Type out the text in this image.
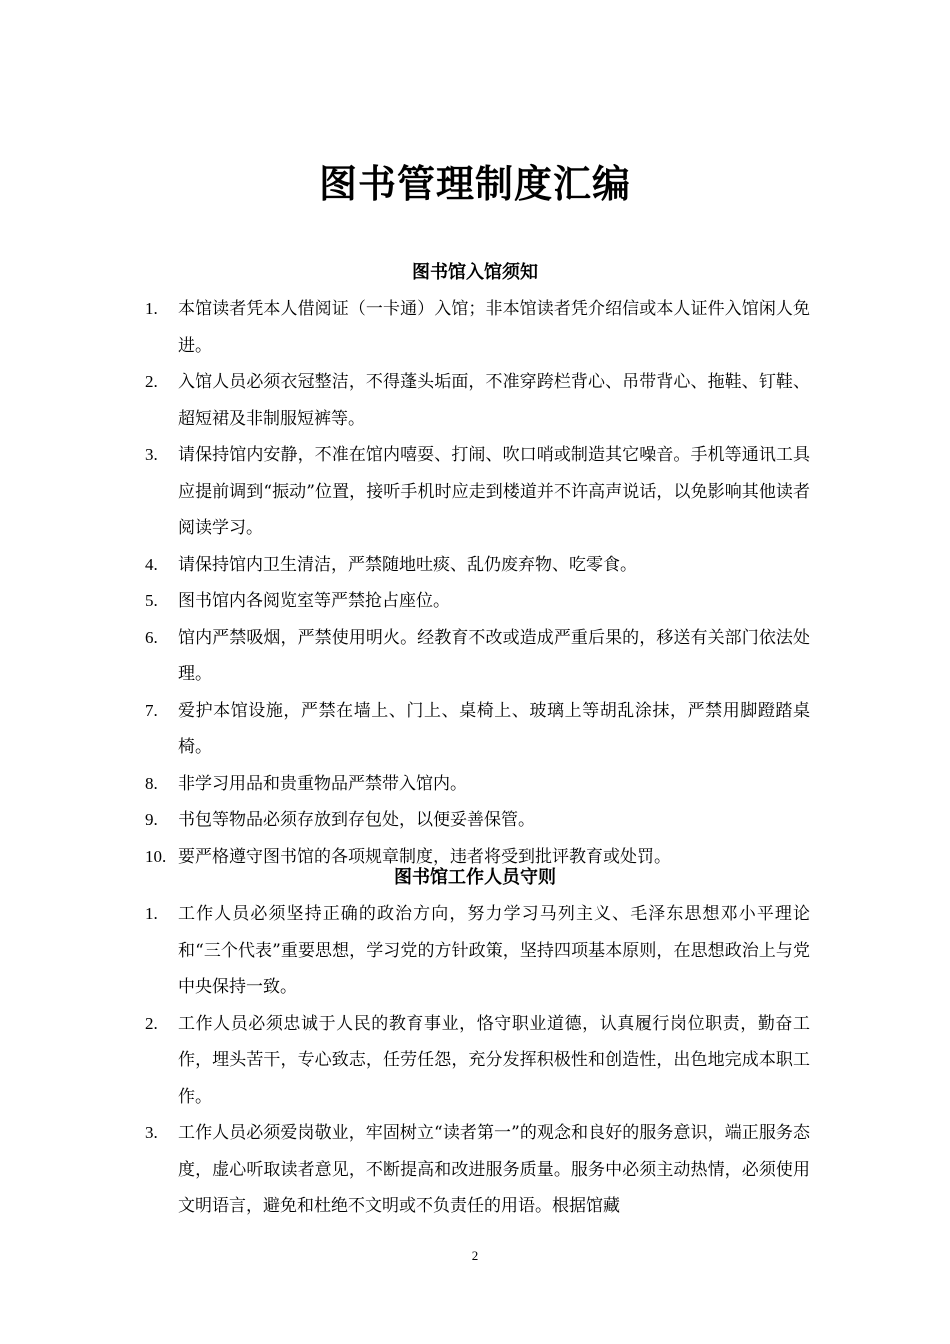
图书管理制度汇编
图书馆入馆须知
1. 本馆读者凭本人借阅证（一卡通）入馆；非本馆读者凭介绍信或本人证件入馆闲人免进。
2. 入馆人员必须衣冠整洁，不得蓬头垢面，不准穿跨栏背心、吊带背心、拖鞋、钉鞋、超短裙及非制服短裤等。
3. 请保持馆内安静，不准在馆内嘻耍、打闹、吹口哨或制造其它噪音。手机等通讯工具应提前调到“振动”位置，接听手机时应走到楼道并不许高声说话，以免影响其他读者阅读学习。
4. 请保持馆内卫生清洁，严禁随地吐痰、乱仍废弃物、吃零食。
5. 图书馆内各阅览室等严禁抢占座位。
6. 馆内严禁吸烟，严禁使用明火。经教育不改或造成严重后果的，移送有关部门依法处理。
7. 爱护本馆设施，严禁在墙上、门上、桌椅上、玻璃上等胡乱涂抹，严禁用脚蹬踏桌椅。
8. 非学习用品和贵重物品严禁带入馆内。
9. 书包等物品必须存放到存包处，以便妥善保管。
10. 要严格遵守图书馆的各项规章制度，违者将受到批评教育或处罚。
图书馆工作人员守则
1. 工作人员必须坚持正确的政治方向，努力学习马列主义、毛泽东思想邓小平理论和“三个代表”重要思想，学习党的方针政策，坚持四项基本原则，在思想政治上与党中央保持一致。
2. 工作人员必须忠诚于人民的教育事业，恪守职业道德，认真履行岗位职责，勤奋工作，埋头苦干，专心致志，任劳任怨，充分发挥积极性和创造性，出色地完成本职工作。
3. 工作人员必须爱岗敬业，牢固树立“读者第一”的观念和良好的服务意识，端正服务态度，虚心听取读者意见，不断提高和改进服务质量。服务中必须主动热情，必须使用文明语言，避免和杜绝不文明或不负责任的用语。根据馆藏
2
